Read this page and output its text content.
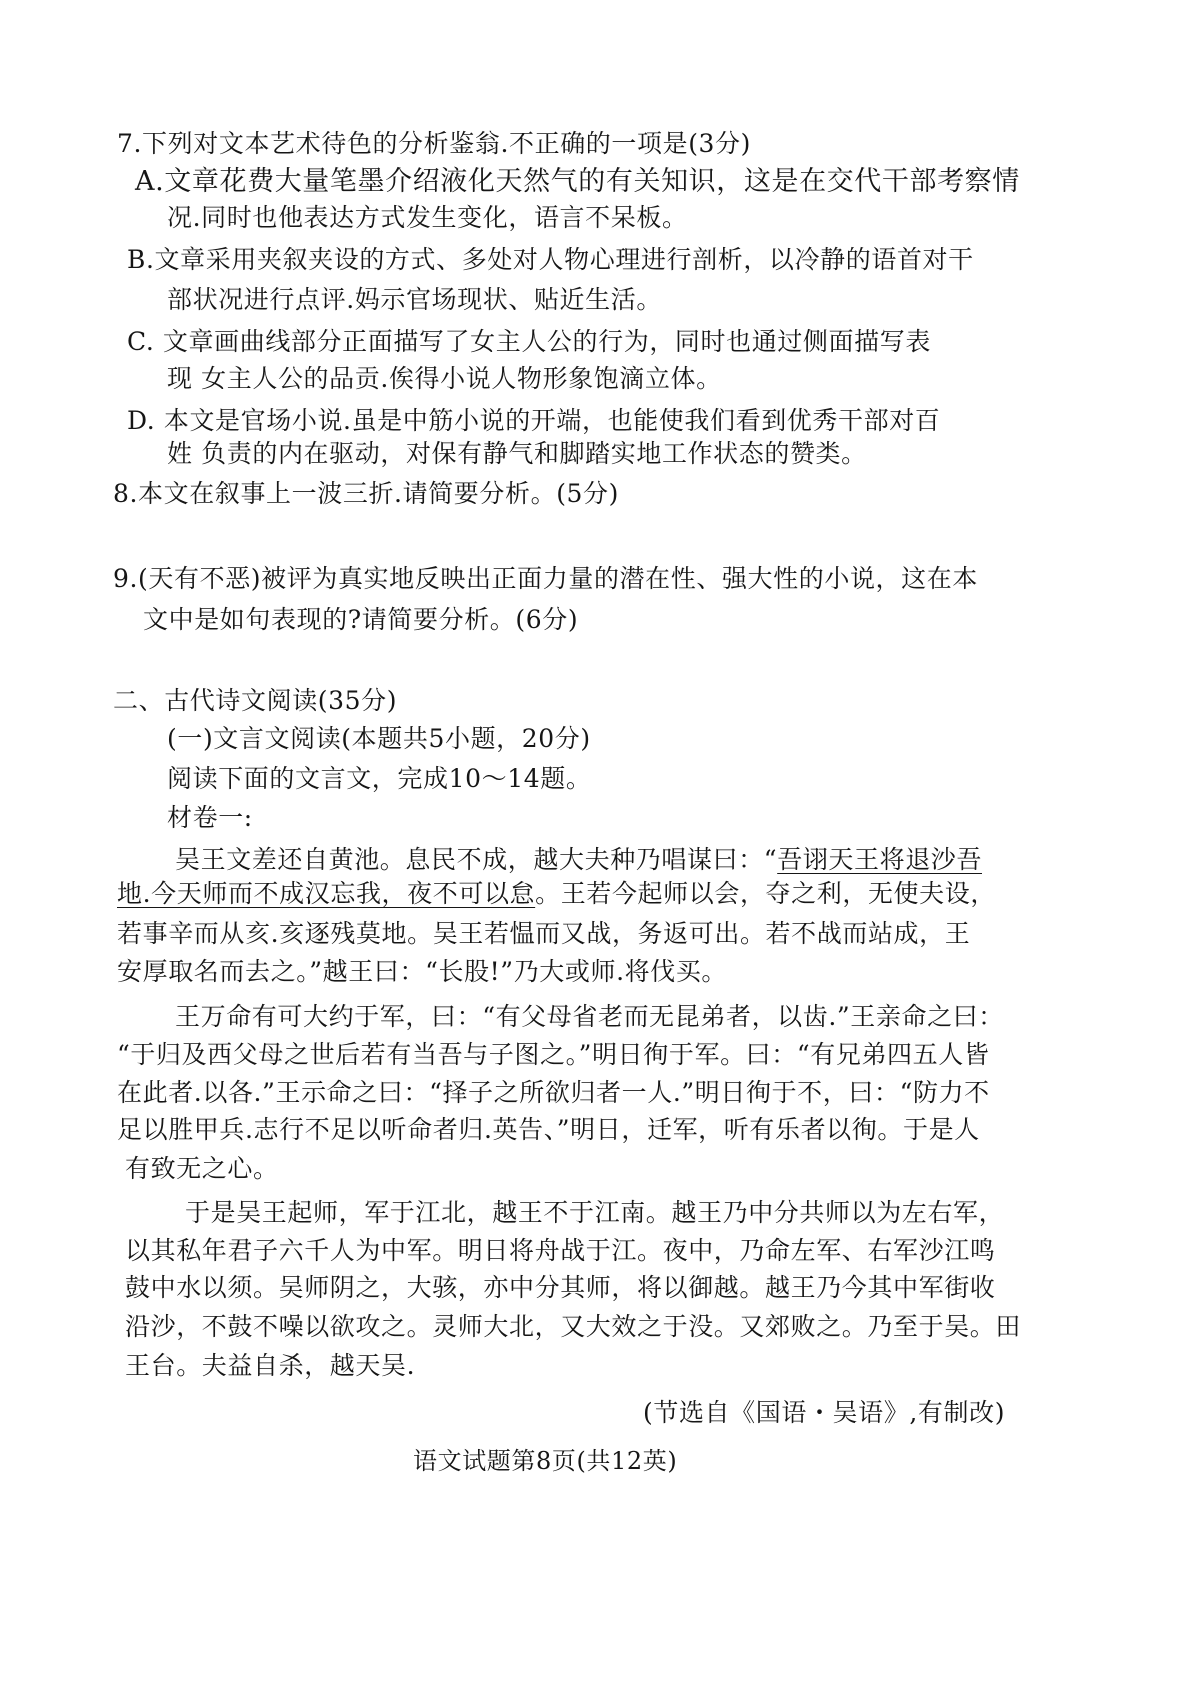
7.下列对文本艺术待色的分析鉴翁.不正确的一项是(3分)
A.文章花费大量笔墨介绍液化天然气的有关知识，这是在交代干部考察情
况.同时也他表达方式发生变化，语言不呆板。
B.文章采用夹叙夹设的方式、多处对人物心理进行剖析，以冷静的语首对干
部状况进行点评.妈示官场现状、贴近生活。
C. 文章画曲线部分正面描写了女主人公的行为，同时也通过侧面描写表
现 女主人公的品贡.俟得小说人物形象饱滴立体。
D. 本文是官场小说.虽是中筋小说的开端，也能使我们看到优秀干部对百
姓 负责的内在驱动，对保有静气和脚踏实地工作状态的赞类。
8.本文在叙事上一波三折.请简要分析。(5分)
9.(天有不恶)被评为真实地反映出正面力量的潜在性、强大性的小说，这在本
文中是如句表现的?请简要分析。(6分)
二、古代诗文阅读(35分)
(一)文言文阅读(本题共5小题，20分)
阅读下面的文言文，完成10～14题。
材卷一:
吴王文差还自黄池。息民不成，越大夫种乃唱谋曰：“吾诩天王将退沙吾
地.今天师而不成汉忘我，夜不可以怠。王若今起师以会，夺之利，无使夫设，
若事辛而从亥.亥逐残莫地。吴王若愠而又战，务返可出。若不战而站成，王
安厚取名而去之。”越王曰：“长股!”乃大或师.将伐买。
王万命有可大约于军，曰：“有父母省老而无昆弟者，以齿.”王亲命之曰：
“于归及西父母之世后若有当吾与子图之。”明日徇于军。曰：“有兄弟四五人皆
在此者.以各.”王示命之曰：“择子之所欲归者一人.”明日徇于不，曰：“防力不
足以胜甲兵.志行不足以听命者归.英告、”明日，迁军，听有乐者以徇。于是人
有致无之心。
于是吴王起师，军于江北，越王不于江南。越王乃中分共师以为左右军，
以其私年君子六千人为中军。明日将舟战于江。夜中，乃命左军、右军沙江鸣
鼓中水以须。吴师阴之，大骇，亦中分其师，将以御越。越王乃今其中军街收
沿沙，不鼓不噪以欲攻之。灵师大北，又大效之于没。又郊败之。乃至于吴。田
王台。夫益自杀，越天吴.
(节选自《国语・吴语》,有制改)
语文试题第8页(共12英)
